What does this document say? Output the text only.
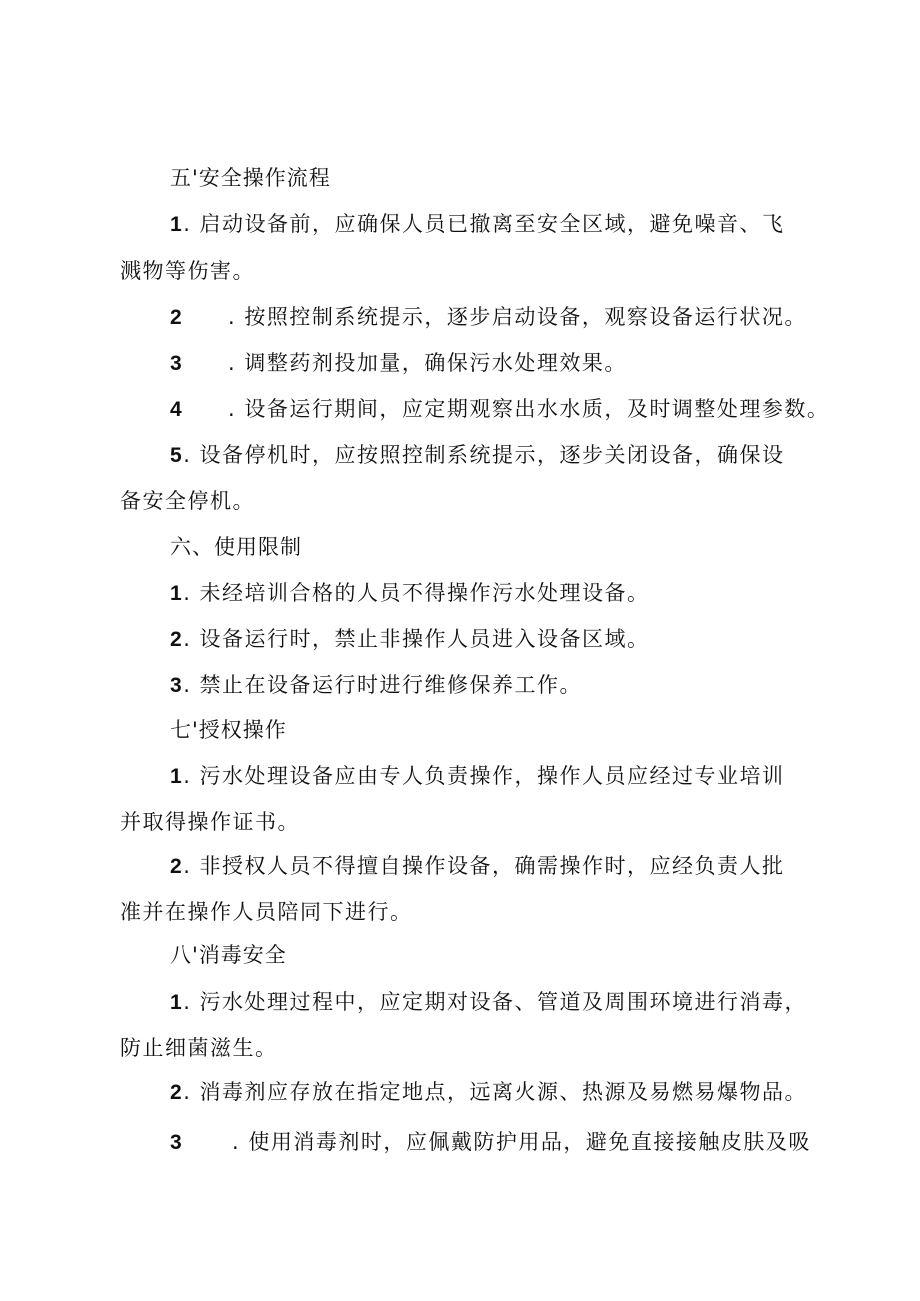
五'安全操作流程
1. 启动设备前，应确保人员已撤离至安全区域，避免噪音、飞
溅物等伤害。
2 . 按照控制系统提示，逐步启动设备，观察设备运行状况。
3 . 调整药剂投加量，确保污水处理效果。
4 . 设备运行期间，应定期观察出水水质，及时调整处理参数。
5. 设备停机时，应按照控制系统提示，逐步关闭设备，确保设
备安全停机。
六、使用限制
1. 未经培训合格的人员不得操作污水处理设备。
2. 设备运行时，禁止非操作人员进入设备区域。
3. 禁止在设备运行时进行维修保养工作。
七'授权操作
1. 污水处理设备应由专人负责操作，操作人员应经过专业培训
并取得操作证书。
2. 非授权人员不得擅自操作设备，确需操作时，应经负责人批
准并在操作人员陪同下进行。
八'消毒安全
1. 污水处理过程中，应定期对设备、管道及周围环境进行消毒，
防止细菌滋生。
2. 消毒剂应存放在指定地点，远离火源、热源及易燃易爆物品。
3 . 使用消毒剂时，应佩戴防护用品，避免直接接触皮肤及吸
